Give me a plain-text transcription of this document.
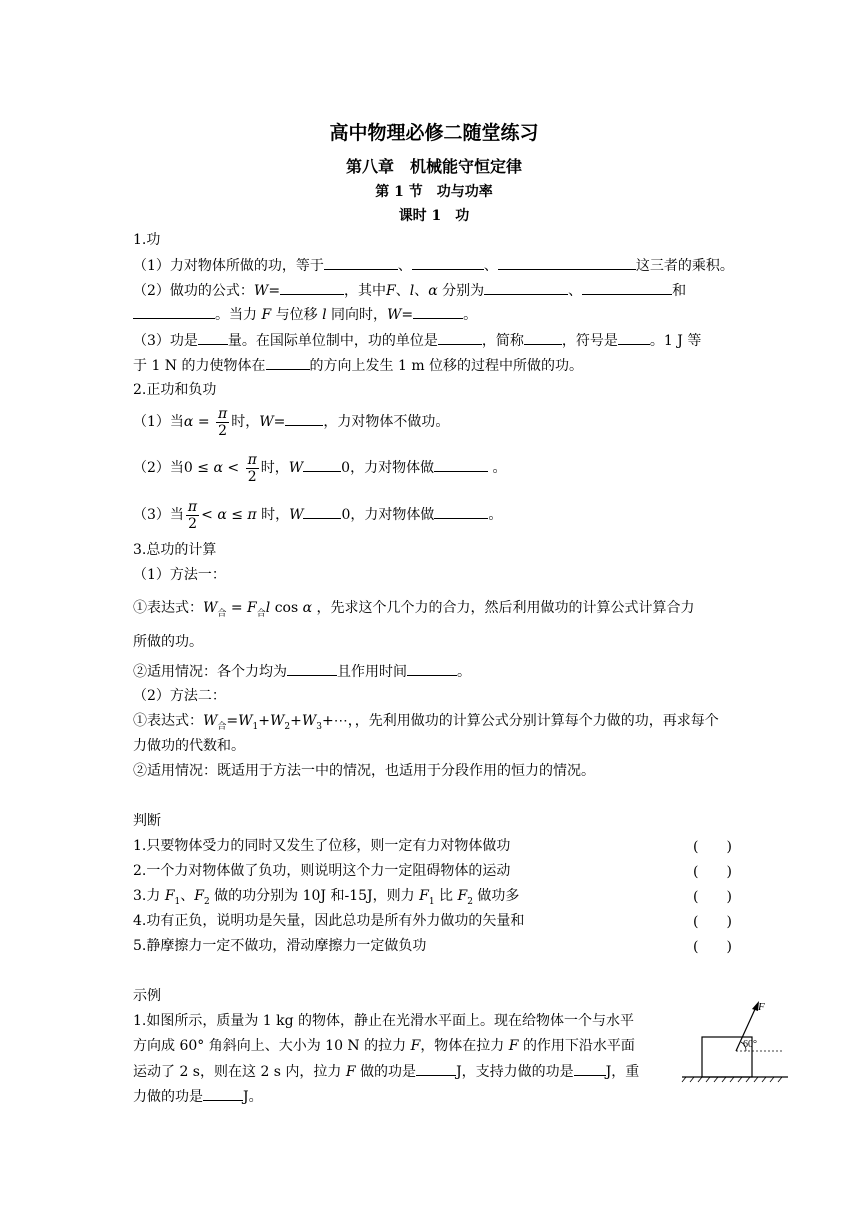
高中物理必修二随堂练习
第八章　机械能守恒定律
第 1 节　功与功率
课时 1　功
1.功
（1）力对物体所做的功，等于	、	、	这三者的乘积。
（2）做功的公式：W=	，其中F、l、α 分别为	、	和
。当力 F 与位移 l 同向时，W=	。
（3）功是 量。在国际单位制中，功的单位是	，简称	，符号是 。1 J 等
于 1 N 的力使物体在	的方向上发生 1 m 位移的过程中所做的功。
2.正功和负功
（1）当$\alpha = \frac{\pi}{2}$ 时，W=	，力对物体不做功。
（2）当$0 \le \alpha < \frac{\pi}{2}$ 时，W	0，力对物体做	。
（3）当 $\frac{\pi}{2} < \alpha \le \pi$ 时，W	0，力对物体做	。
3.总功的计算
（1）方法一：
①表达式：$W_合 = F_合l$ cos α ，先求这个几个力的合力，然后利用做功的计算公式计算合力
所做的功。
②适用情况：各个力均为	且作用时间	。
（2）方法二：
①表达式：$W_合=W_1+W_2+W_3+\cdots$，，先利用做功的计算公式分别计算每个力做的功，再求每个
力做功的代数和。
②适用情况：既适用于方法一中的情况，也适用于分段作用的恒力的情况。
判断
1.只要物体受力的同时又发生了位移，则一定有力对物体做功	(　　)
2.一个力对物体做了负功，则说明这个力一定阻碍物体的运动	(　　)
3.力 $F_1$、$F_2$ 做的功分别为 10J 和-15J，则力 $F_1$ 比 $F_2$ 做功多	(　　)
4.功有正负，说明功是矢量，因此总功是所有外力做功的矢量和	(　　)
5.静摩擦力一定不做功，滑动摩擦力一定做负功	(　　)
示例
1.如图所示，质量为 1 kg 的物体，静止在光滑水平面上。现在给物体一个与水平
方向成 60° 角斜向上、大小为 10 N 的拉力 F，物体在拉力 F 的作用下沿水平面
运动了 2 s，则在这 2 s 内，拉力 F 做的功是	J，支持力做的功是 J，重
力做的功是	J。
F
60°
